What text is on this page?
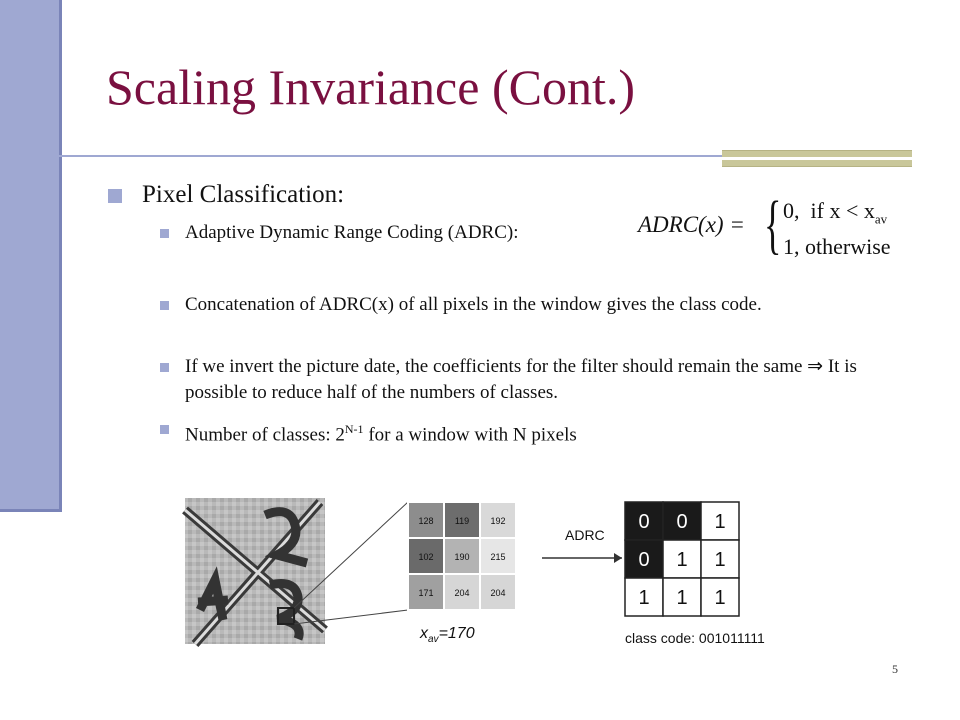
Scaling Invariance (Cont.)
Pixel Classification:
Adaptive Dynamic Range Coding (ADRC):	ADRC(x) = { 0, if $x < x_{av}$
1, otherwise
Concatenation of ADRC(x) of all pixels in the window gives the class code.
If we invert the picture date, the coefficients for the filter should remain the same ⇒ It is possible to reduce half of the numbers of classes.
Number of classes: $2^{N-1}$ for a window with N pixels
128 119 192
102 190 215
171 204 204
$x_{av}=170$
ADRC
0 0 1
0 1 1
1 1 1
class code: 001011111
5
